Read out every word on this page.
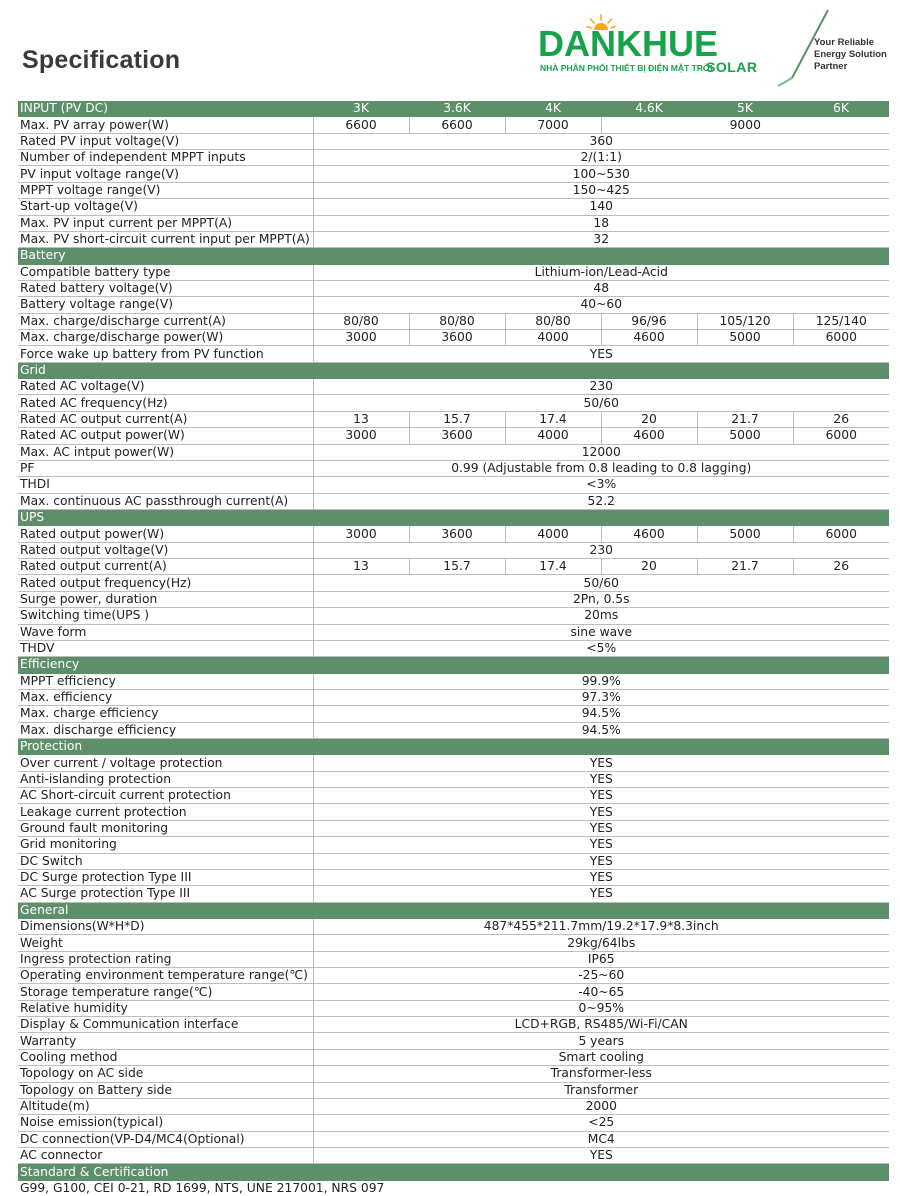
Specification	DANKHUE
NHÀ PHÂN PHỐI THIẾT BỊ ĐIỆN MẶT TRỜI
SOLAR
Your Reliable
Energy Solution
Partner
INPUT (PV DC)	3K	3.6K	4K	4.6K	5K	6K
Max. PV array power(W)	6600	6600	7000	9000		
Rated PV input voltage(V)	360					
Number of independent MPPT inputs	2/(1:1)					
PV input voltage range(V)	100~530					
MPPT voltage range(V)	150~425					
Start-up voltage(V)	140					
Max. PV input current per MPPT(A)	18					
Max. PV short-circuit current input per MPPT(A)	32					
Battery						
Compatible battery type	Lithium-ion/Lead-Acid					
Rated battery voltage(V)	48					
Battery voltage range(V)	40~60					
Max. charge/discharge current(A)	80/80	80/80	80/80	96/96	105/120	125/140
Max. charge/discharge power(W)	3000	3600	4000	4600	5000	6000
Force wake up battery from PV function	YES					
Grid						
Rated AC voltage(V)	230					
Rated AC frequency(Hz)	50/60					
Rated AC output current(A)	13	15.7	17.4	20	21.7	26
Rated AC output power(W)	3000	3600	4000	4600	5000	6000
Max. AC intput power(W)	12000					
PF	0.99 (Adjustable from 0.8 leading to 0.8 lagging)					
THDI	<3%					
Max. continuous AC passthrough current(A)	52.2					
UPS						
Rated output power(W)	3000	3600	4000	4600	5000	6000
Rated output voltage(V)	230					
Rated output current(A)	13	15.7	17.4	20	21.7	26
Rated output frequency(Hz)	50/60					
Surge power, duration	2Pn, 0.5s					
Switching time(UPS )	20ms					
Wave form	sine wave					
THDV	<5%					
Efficiency						
MPPT efficiency	99.9%					
Max. efficiency	97.3%					
Max. charge efficiency	94.5%					
Max. discharge efficiency	94.5%					
Protection						
Over current / voltage protection	YES					
Anti-islanding protection	YES					
AC Short-circuit current protection	YES					
Leakage current protection	YES					
Ground fault monitoring	YES					
Grid monitoring	YES					
DC Switch	YES					
DC Surge protection Type III	YES					
AC Surge protection Type III	YES					
General						
Dimensions(W*H*D)	487*455*211.7mm/19.2*17.9*8.3inch					
Weight	29kg/64lbs					
Ingress protection rating	IP65					
Operating environment temperature range(℃)	-25~60					
Storage temperature range(℃)	-40~65					
Relative humidity	0~95%					
Display & Communication interface	LCD+RGB, RS485/Wi-Fi/CAN					
Warranty	5 years					
Cooling method	Smart cooling					
Topology on AC side	Transformer-less					
Topology on Battery side	Transformer					
Altitude(m)	2000					
Noise emission(typical)	<25					
DC connection(VP-D4/MC4(Optional)	MC4					
AC connector	YES					
Standard & Certification						
G99, G100, CEI 0-21, RD 1699, NTS, UNE 217001, NRS 097						
